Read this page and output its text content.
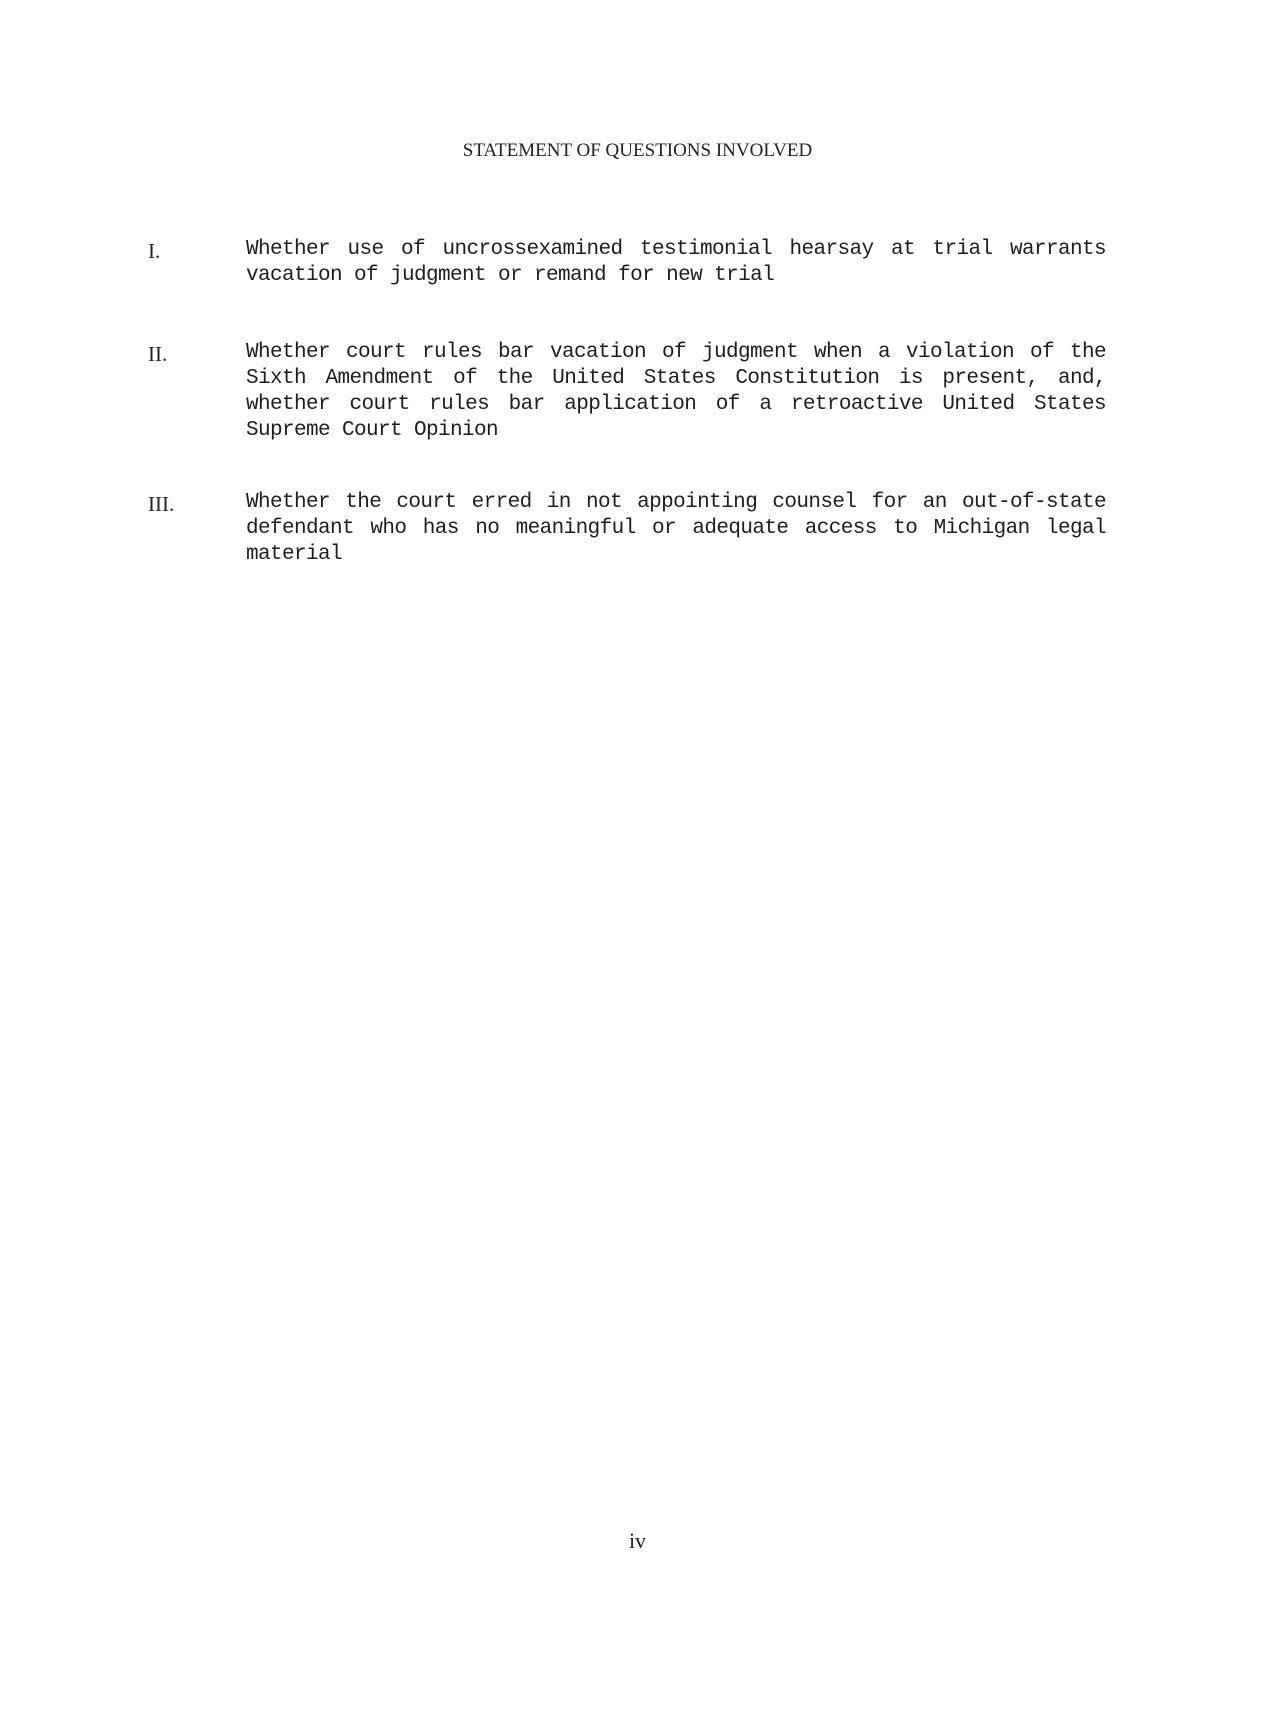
STATEMENT OF QUESTIONS INVOLVED
I.	Whether use of uncrossexamined testimonial hearsay at trial warrants vacation of judgment or remand for new trial
II.	Whether court rules bar vacation of judgment when a violation of the Sixth Amendment of the United States Constitution is present, and, whether court rules bar application of a retroactive United States Supreme Court Opinion
III.	Whether the court erred in not appointing counsel for an out-of-state defendant who has no meaningful or adequate access to Michigan legal material
iv
